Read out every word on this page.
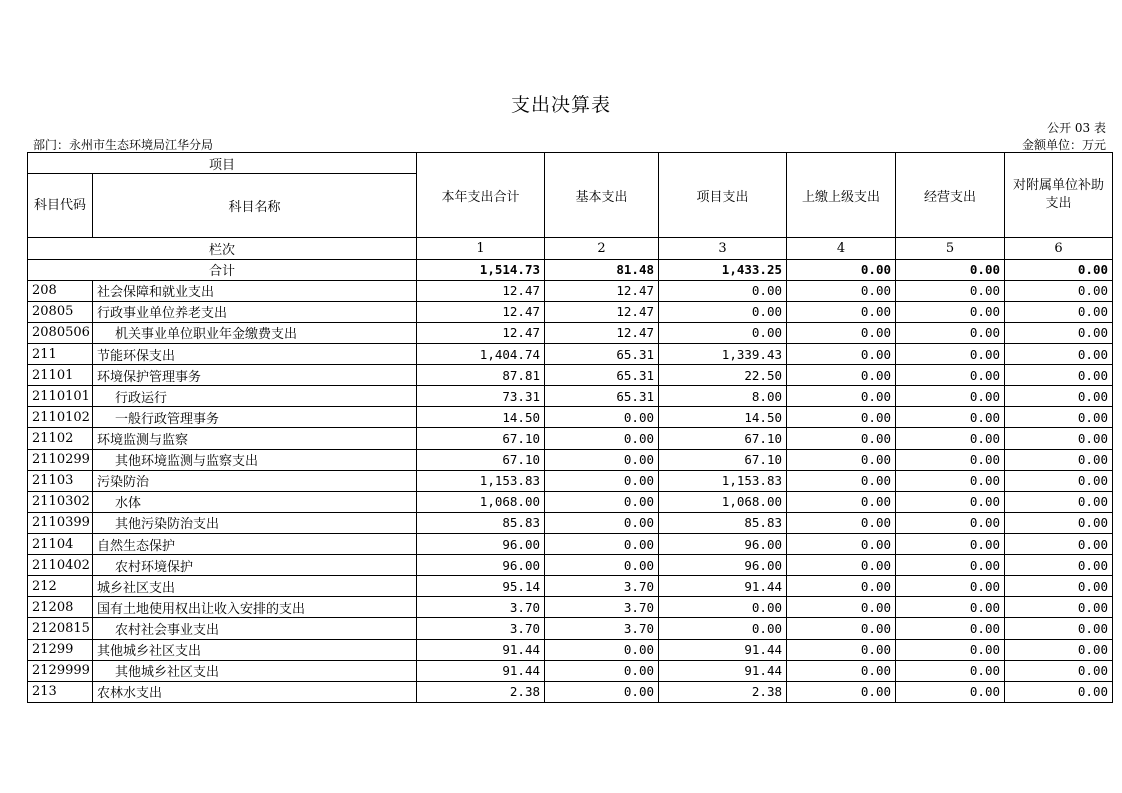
支出决算表
公开 03 表
部门：永州市生态环境局江华分局	金额单位：万元
项目		本年支出合计	基本支出	项目支出	上缴上级支出	经营支出	对附属单位补助支出
科目代码	科目名称						
栏次		1	2	3	4	5	6
合计		1,514.73	81.48	1,433.25	0.00	0.00	0.00
208	社会保障和就业支出	12.47	12.47	0.00	0.00	0.00	0.00
20805	行政事业单位养老支出	12.47	12.47	0.00	0.00	0.00	0.00
2080506	机关事业单位职业年金缴费支出	12.47	12.47	0.00	0.00	0.00	0.00
211	节能环保支出	1,404.74	65.31	1,339.43	0.00	0.00	0.00
21101	环境保护管理事务	87.81	65.31	22.50	0.00	0.00	0.00
2110101	行政运行	73.31	65.31	8.00	0.00	0.00	0.00
2110102	一般行政管理事务	14.50	0.00	14.50	0.00	0.00	0.00
21102	环境监测与监察	67.10	0.00	67.10	0.00	0.00	0.00
2110299	其他环境监测与监察支出	67.10	0.00	67.10	0.00	0.00	0.00
21103	污染防治	1,153.83	0.00	1,153.83	0.00	0.00	0.00
2110302	水体	1,068.00	0.00	1,068.00	0.00	0.00	0.00
2110399	其他污染防治支出	85.83	0.00	85.83	0.00	0.00	0.00
21104	自然生态保护	96.00	0.00	96.00	0.00	0.00	0.00
2110402	农村环境保护	96.00	0.00	96.00	0.00	0.00	0.00
212	城乡社区支出	95.14	3.70	91.44	0.00	0.00	0.00
21208	国有土地使用权出让收入安排的支出	3.70	3.70	0.00	0.00	0.00	0.00
2120815	农村社会事业支出	3.70	3.70	0.00	0.00	0.00	0.00
21299	其他城乡社区支出	91.44	0.00	91.44	0.00	0.00	0.00
2129999	其他城乡社区支出	91.44	0.00	91.44	0.00	0.00	0.00
213	农林水支出	2.38	0.00	2.38	0.00	0.00	0.00
